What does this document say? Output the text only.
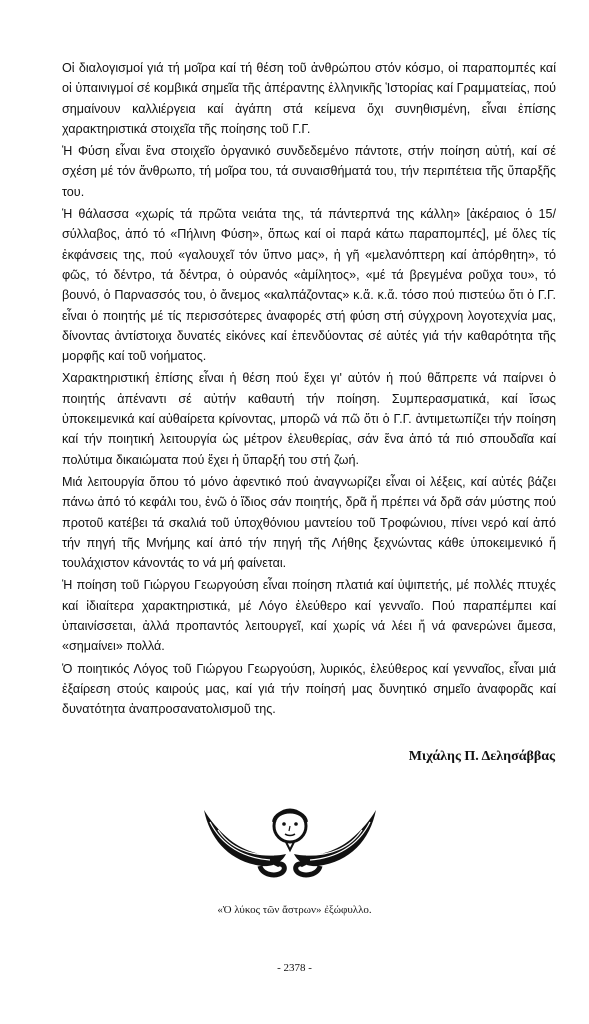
Οἱ διαλογισμοί γιά τή μοῖρα καί τή θέση τοῦ ἀνθρώπου στόν κόσμο, οἱ παραπομπές καί οἱ ὑπαινιγμοί σέ κομβικά σημεῖα τῆς ἀπέραντης ἑλληνικῆς Ἱστορίας καί Γραμματείας, πού σημαίνουν καλλιέργεια καί ἀγάπη στά κείμενα ὄχι συνηθισμένη, εἶναι ἐπίσης χαρακτηριστικά στοιχεῖα τῆς ποίησης τοῦ Γ.Γ.

Ἡ Φύση εἶναι ἕνα στοιχεῖο ὀργανικό συνδεδεμένο πάντοτε, στήν ποίηση αὐτή, καί σέ σχέση μέ τόν ἄνθρωπο, τή μοῖρα του, τά συναισθήματά του, τήν περιπέτεια τῆς ὕπαρξῆς του.

Ἡ θάλασσα «χωρίς τά πρῶτα νειάτα της, τά πάντερπνά της κάλλη» [ἀκέραιος ὁ 15/σύλλαβος, ἀπό τό «Πήλινη Φύση», ὅπως καί οἱ παρά κάτω παραπομπές], μέ ὅλες τίς ἐκφάνσεις της, πού «γαλουχεῖ τόν ὕπνο μας», ἡ γῆ «μελανόπτερη καί ἀπόρθητη», τό φῶς, τό δέντρο, τά δέντρα, ὁ οὐρανός «ἀμίλητος», «μέ τά βρεγμένα ροῦχα του», τό βουνό, ὁ Παρνασσός του, ὁ ἄνεμος «καλπάζοντας» κ.ἄ. κ.ἄ. τόσο πού πιστεύω ὅτι ὁ Γ.Γ. εἶναι ὁ ποιητής μέ τίς περισσότερες ἀναφορές στή φύση στή σύγχρονη λογοτεχνία μας, δίνοντας ἀντίστοιχα δυνατές εἰκόνες καί ἐπενδύοντας σέ αὐτές γιά τήν καθαρότητα τῆς μορφῆς καί τοῦ νοήματος.

Χαρακτηριστική ἐπίσης εἶναι ἡ θέση πού ἔχει γι' αὐτόν ἡ πού θἄπρεπε νά παίρνει ὁ ποιητής ἀπέναντι σέ αὐτήν καθαυτή τήν ποίηση. Συμπερασματικά, καί ἴσως ὑποκειμενικά καί αὐθαίρετα κρίνοντας, μπορῶ νά πῶ ὅτι ὁ Γ.Γ. ἀντιμετωπίζει τήν ποίηση καί τήν ποιητική λειτουργία ὡς μέτρον ἐλευθερίας, σάν ἕνα ἀπό τά πιό σπουδαῖα καί πολύτιμα δικαιώματα πού ἔχει ἡ ὕπαρξή του στή ζωή.

Μιά λειτουργία ὅπου τό μόνο ἀφεντικό πού ἀναγνωρίζει εἶναι οἱ λέξεις, καί αὐτές βάζει πάνω ἀπό τό κεφάλι του, ἐνῶ ὁ ἴδιος σάν ποιητής, δρᾶ ἤ πρέπει νά δρᾶ σάν μύστης πού προτοῦ κατέβει τά σκαλιά τοῦ ὑποχθόνιου μαντείου τοῦ Τροφώνιου, πίνει νερό καί ἀπό τήν πηγή τῆς Μνήμης καί ἀπό τήν πηγή τῆς Λήθης ξεχνώντας κάθε ὑποκειμενικό ἤ τουλάχιστον κάνοντάς το νά μή φαίνεται.

Ἡ ποίηση τοῦ Γιώργου Γεωργούση εἶναι ποίηση πλατιά καί ὑψιπετής, μέ πολλές πτυχές καί ἰδιαίτερα χαρακτηριστικά, μέ Λόγο ἐλεύθερο καί γενναῖο. Πού παραπέμπει καί ὑπαινίσσεται, ἀλλά προπαντός λειτουργεῖ, καί χωρίς νά λέει ἤ νά φανερώνει ἄμεσα, «σημαίνει» πολλά.

Ὁ ποιητικός Λόγος τοῦ Γιώργου Γεωργούση, λυρικός, ἐλεύθερος καί γενναῖος, εἶναι μιά ἐξαίρεση στούς καιρούς μας, καί γιά τήν ποίησή μας δυνητικό σημεῖο ἀναφορᾶς καί δυνατότητα ἀναπροσανατολισμοῦ της.

Μιχάλης Π. Δελησάββας
«Ὁ λύκος τῶν ἄστρων» ἐξώφυλλο.
- 2378 -
